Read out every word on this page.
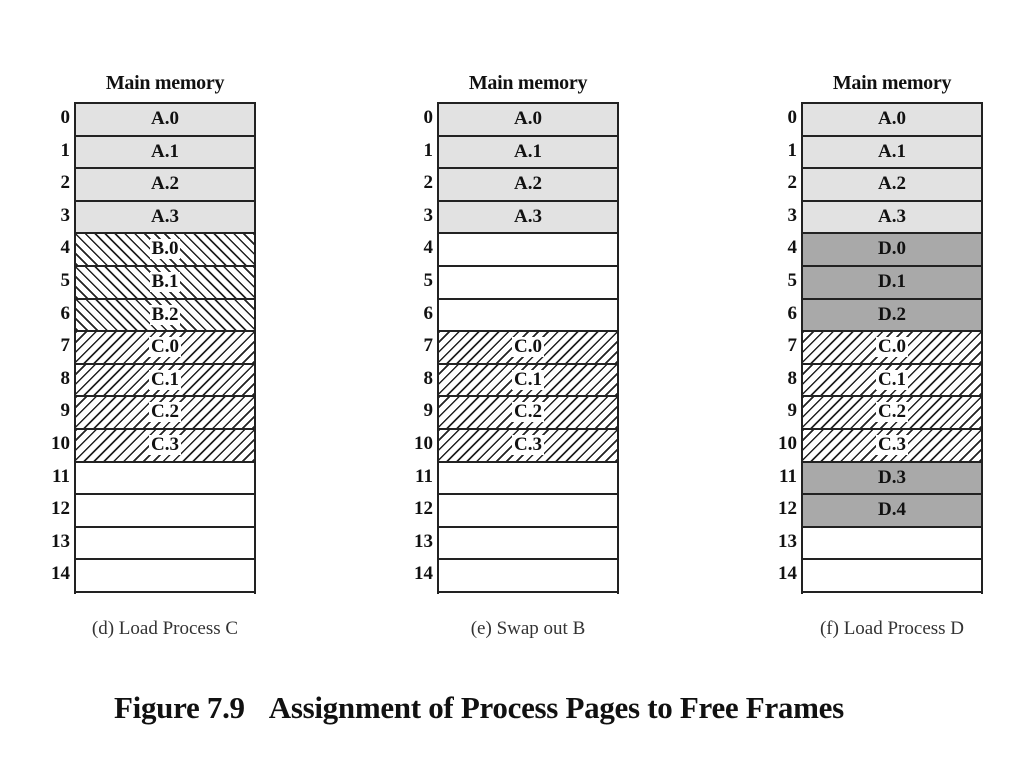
Main memory
0
1
2
3
4
5
6
7
8
9
10
11
12
13
14
A.0
A.1
A.2
A.3
B.0
B.1
B.2
C.0
C.1
C.2
C.3
(d) Load Process C
Main memory
0
1
2
3
4
5
6
7
8
9
10
11
12
13
14
A.0
A.1
A.2
A.3
C.0
C.1
C.2
C.3
(e) Swap out B
Main memory
0
1
2
3
4
5
6
7
8
9
10
11
12
13
14
A.0
A.1
A.2
A.3
D.0
D.1
D.2
C.0
C.1
C.2
C.3
D.3
D.4
(f) Load Process D
Figure 7.9 Assignment of Process Pages to Free Frames
